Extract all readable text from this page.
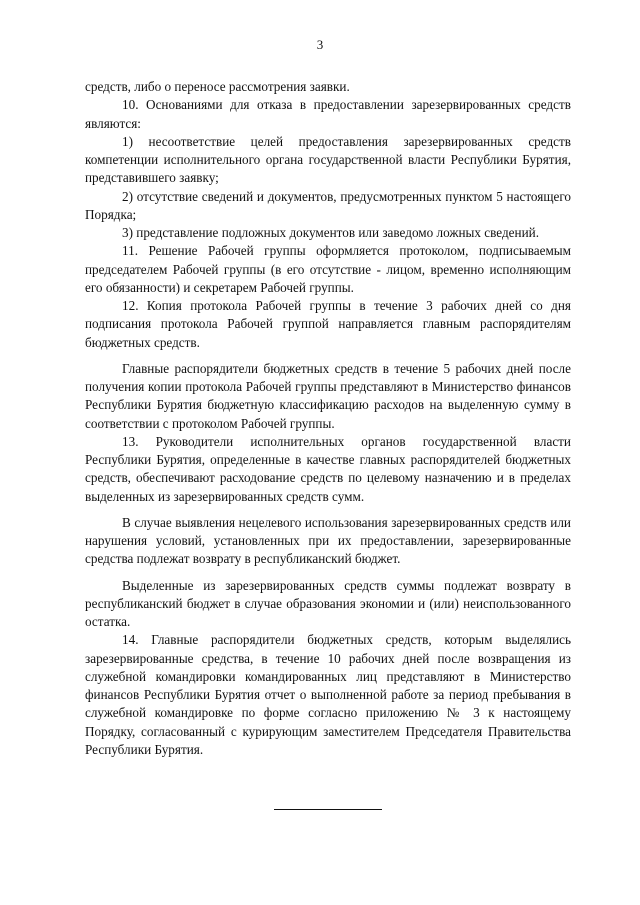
3

средств, либо о переносе рассмотрения заявки.

10. Основаниями для отказа в предоставлении зарезервированных средств являются:

1) несоответствие целей предоставления зарезервированных средств компетенции исполнительного органа государственной власти Республики Бурятия, представившего заявку;

2) отсутствие сведений и документов, предусмотренных пунктом 5 настоящего Порядка;

3) представление подложных документов или заведомо ложных сведений.

11. Решение Рабочей группы оформляется протоколом, подписываемым председателем Рабочей группы (в его отсутствие - лицом, временно исполняющим его обязанности) и секретарем Рабочей группы.

12. Копия протокола Рабочей группы в течение 3 рабочих дней со дня подписания протокола Рабочей группой направляется главным распорядителям бюджетных средств.

Главные распорядители бюджетных средств в течение 5 рабочих дней после получения копии протокола Рабочей группы представляют в Министерство финансов Республики Бурятия бюджетную классификацию расходов на выделенную сумму в соответствии с протоколом Рабочей группы.

13. Руководители исполнительных органов государственной власти Республики Бурятия, определенные в качестве главных распорядителей бюджетных средств, обеспечивают расходование средств по целевому назначению и в пределах выделенных из зарезервированных средств сумм.

В случае выявления нецелевого использования зарезервированных средств или нарушения условий, установленных при их предоставлении, зарезервированные средства подлежат возврату в республиканский бюджет.

Выделенные из зарезервированных средств суммы подлежат возврату в республиканский бюджет в случае образования экономии и (или) неиспользованного остатка.

14. Главные распорядители бюджетных средств, которым выделялись зарезервированные средства, в течение 10 рабочих дней после возвращения из служебной командировки командированных лиц представляют в Министерство финансов Республики Бурятия отчет о выполненной работе за период пребывания в служебной командировке по форме согласно приложению № 3 к настоящему Порядку, согласованный с курирующим заместителем Председателя Правительства Республики Бурятия.
